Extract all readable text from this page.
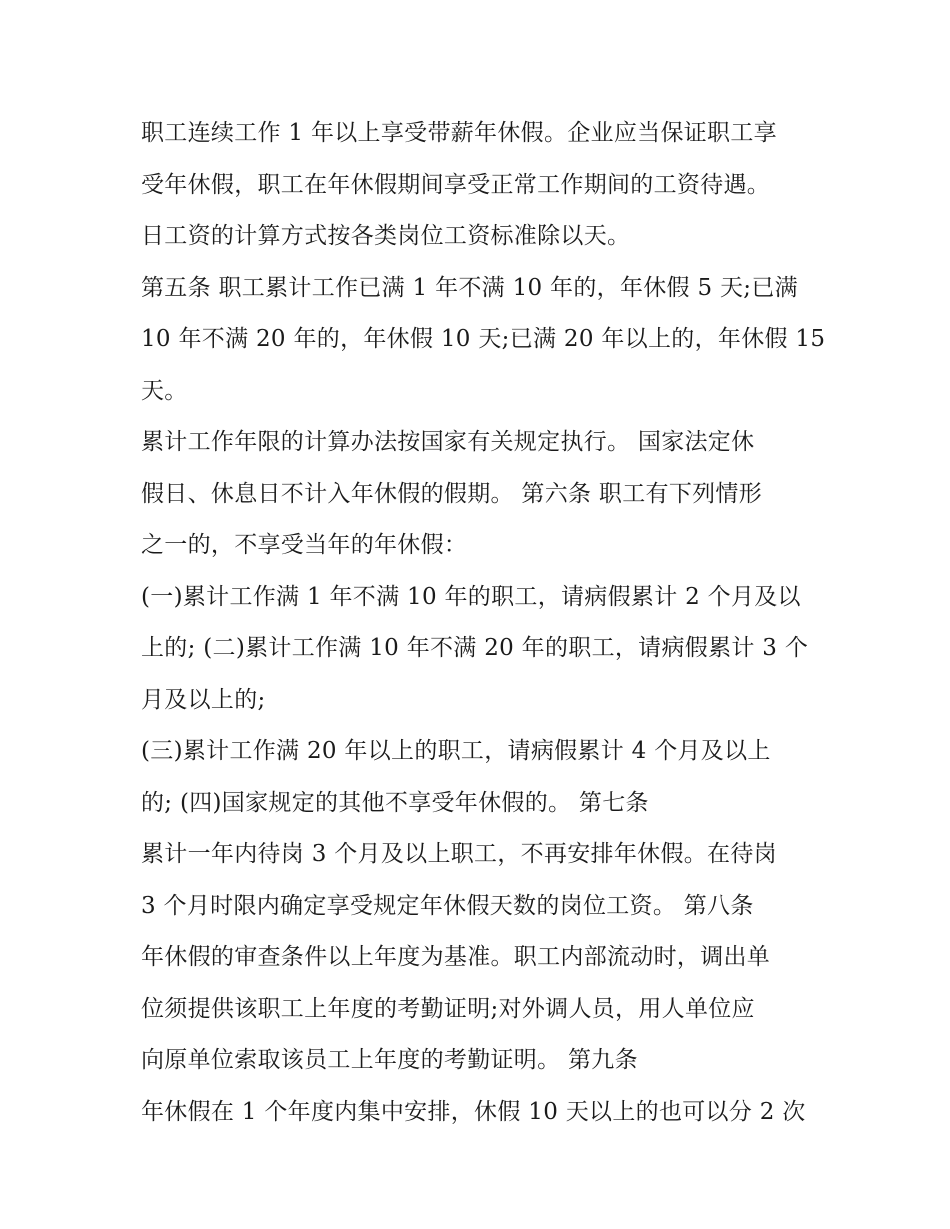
职工连续工作 1 年以上享受带薪年休假。企业应当保证职工享
受年休假，职工在年休假期间享受正常工作期间的工资待遇。
日工资的计算方式按各类岗位工资标准除以天。
第五条 职工累计工作已满 1 年不满 10 年的，年休假 5 天;已满
10 年不满 20 年的，年休假 10 天;已满 20 年以上的，年休假 15
天。
累计工作年限的计算办法按国家有关规定执行。 国家法定休
假日、休息日不计入年休假的假期。 第六条 职工有下列情形
之一的，不享受当年的年休假：
(一)累计工作满 1 年不满 10 年的职工，请病假累计 2 个月及以
上的; (二)累计工作满 10 年不满 20 年的职工，请病假累计 3 个
月及以上的;
(三)累计工作满 20 年以上的职工，请病假累计 4 个月及以上
的; (四)国家规定的其他不享受年休假的。 第七条
累计一年内待岗 3 个月及以上职工，不再安排年休假。在待岗
3 个月时限内确定享受规定年休假天数的岗位工资。 第八条
年休假的审查条件以上年度为基准。职工内部流动时，调出单
位须提供该职工上年度的考勤证明;对外调人员，用人单位应
向原单位索取该员工上年度的考勤证明。 第九条
年休假在 1 个年度内集中安排，休假 10 天以上的也可以分 2 次
